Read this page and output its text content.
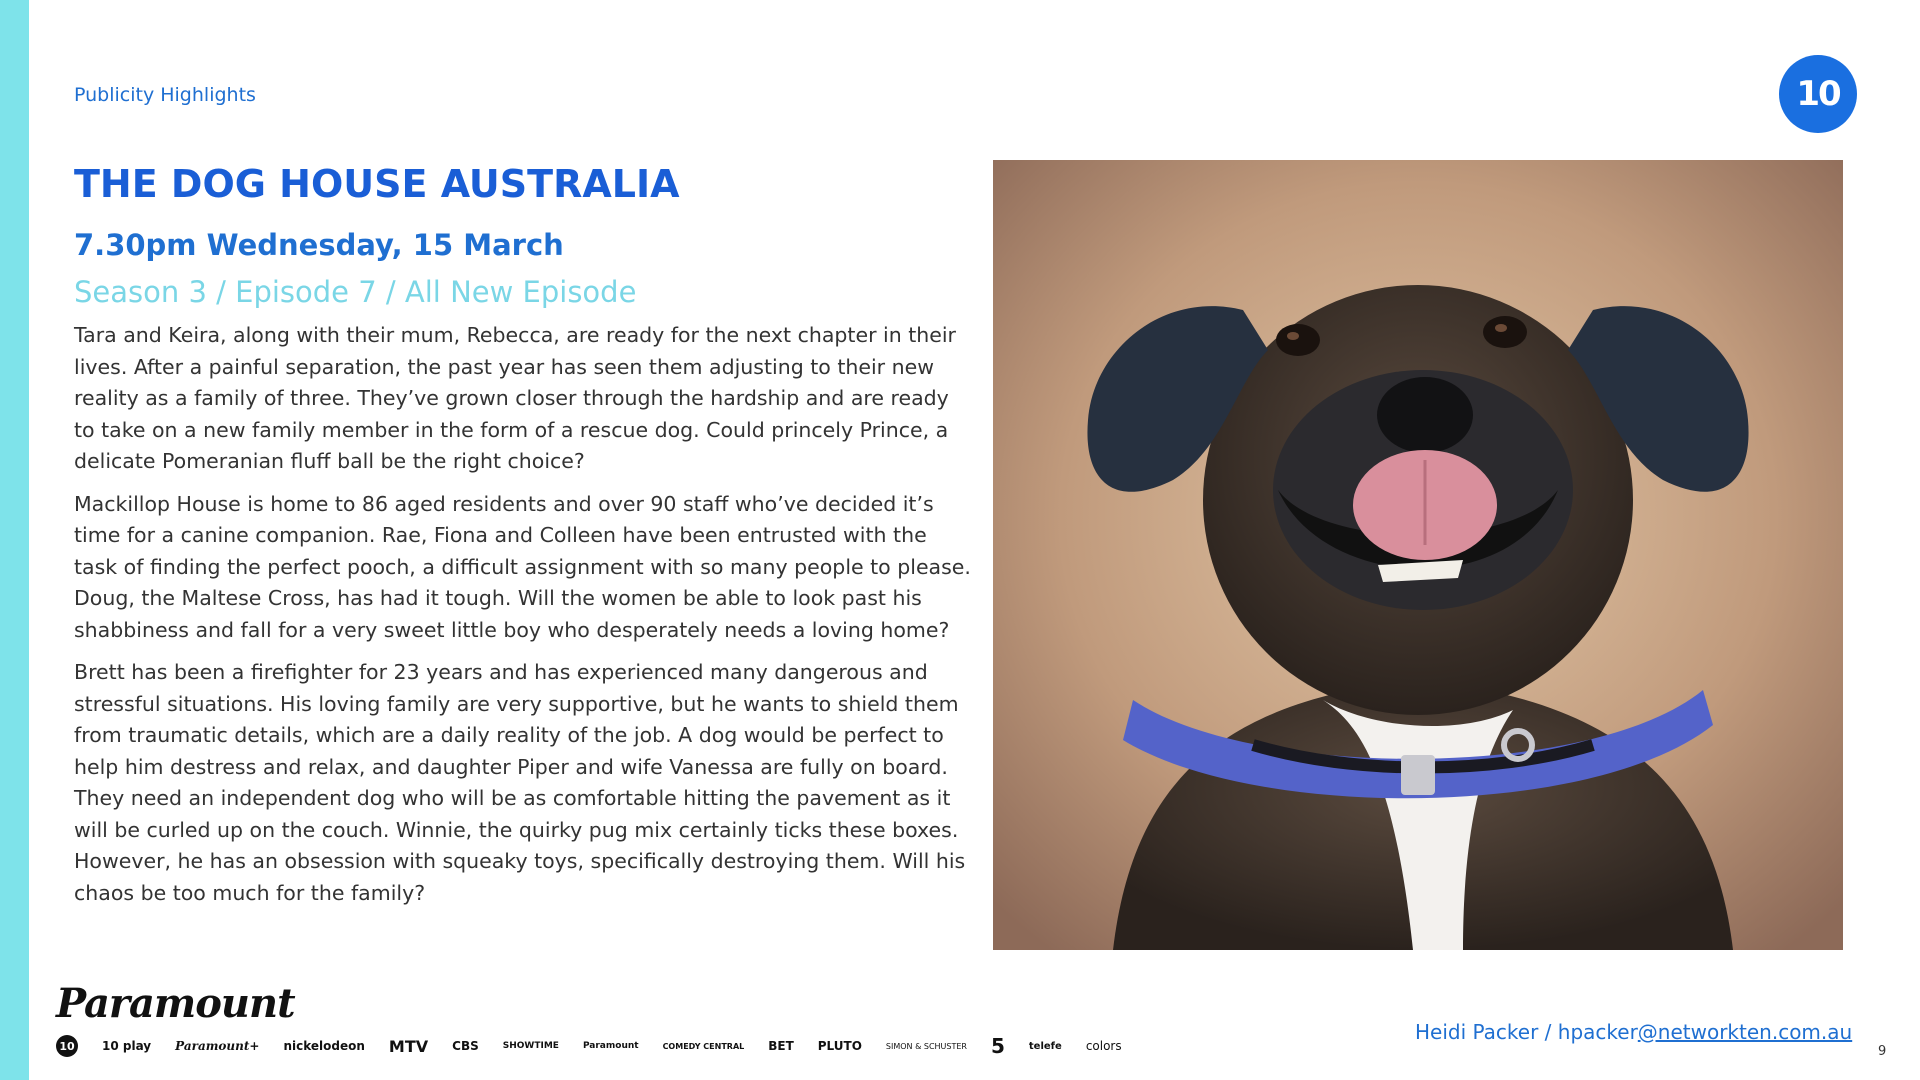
Publicity Highlights	10
THE DOG HOUSE AUSTRALIA
7.30pm Wednesday, 15 March
Season 3 / Episode 7 / All New Episode

Tara and Keira, along with their mum, Rebecca, are ready for the next chapter in their lives. After a painful separation, the past year has seen them adjusting to their new reality as a family of three. They’ve grown closer through the hardship and are ready to take on a new family member in the form of a rescue dog. Could princely Prince, a delicate Pomeranian fluff ball be the right choice?

Mackillop House is home to 86 aged residents and over 90 staff who’ve decided it’s time for a canine companion. Rae, Fiona and Colleen have been entrusted with the task of finding the perfect pooch, a difficult assignment with so many people to please. Doug, the Maltese Cross, has had it tough. Will the women be able to look past his shabbiness and fall for a very sweet little boy who desperately needs a loving home?

Brett has been a firefighter for 23 years and has experienced many dangerous and stressful situations. His loving family are very supportive, but he wants to shield them from traumatic details, which are a daily reality of the job. A dog would be perfect to help him destress and relax, and daughter Piper and wife Vanessa are fully on board. They need an independent dog who will be as comfortable hitting the pavement as it will be curled up on the couch. Winnie, the quirky pug mix certainly ticks these boxes. However, he has an obsession with squeaky toys, specifically destroying them. Will his chaos be too much for the family?

Paramount
10 10 play Paramount+ nickelodeon MTV CBS	SHOWTIME	Paramount	COMEDY CENTRAL BET PLUTO	SIMON & SCHUSTER 5 telefe colors
Heidi Packer / hpacker@networkten.com.au
9
